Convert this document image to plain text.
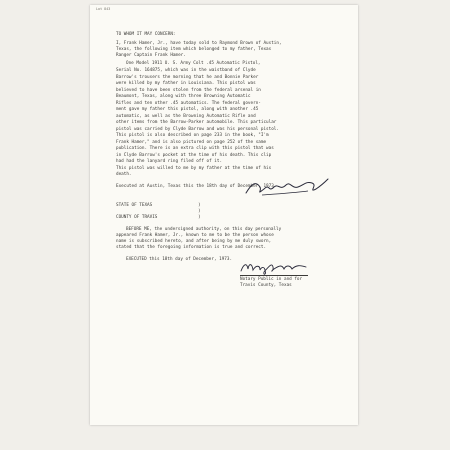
Lot 843
TO WHOM IT MAY CONCERN:
I, Frank Hamer, Jr., have today sold to Raymond Brown of Austin,
Texas, the following item which belonged to my father, Texas
Ranger Captain Frank Hamer.
One Model 1911 U. S. Army Colt .45 Automatic Pistol,
Serial No. 164875, which was in the waistband of Clyde
Barrow's trousers the morning that he and Bonnie Parker
were killed by my father in Louisiana. This pistol was
believed to have been stolen from the federal arsenal in
Beaumont, Texas, along with three Browning Automatic
Rifles and ten other .45 automatics. The federal govern-
ment gave my father this pistol, along with another .45
automatic, as well as the Browning Automatic Rifle and
other items from the Barrow-Parker automobile. This particular
pistol was carried by Clyde Barrow and was his personal pistol.
This pistol is also described on page 233 in the book, "I'm
Frank Hamer," and is also pictured on page 252 of the same
publication. There is an extra clip with this pistol that was
in Clyde Barrow's pocket at the time of his death. This clip
had had the lanyard ring filed off of it.
This pistol was willed to me by my father at the time of his
death.
Executed at Austin, Texas this the 18th day of December, 1973.
STATE OF TEXAS	)
)
COUNTY OF TRAVIS	)
BEFORE ME, the undersigned authority, on this day personally
appeared Frank Hamer, Jr., known to me to be the person whose
name is subscribed hereto, and after being by me duly sworn,
stated that the foregoing information is true and correct.
EXECUTED this 18th day of December, 1973.
Notary Public in and for
Travis County, Texas
